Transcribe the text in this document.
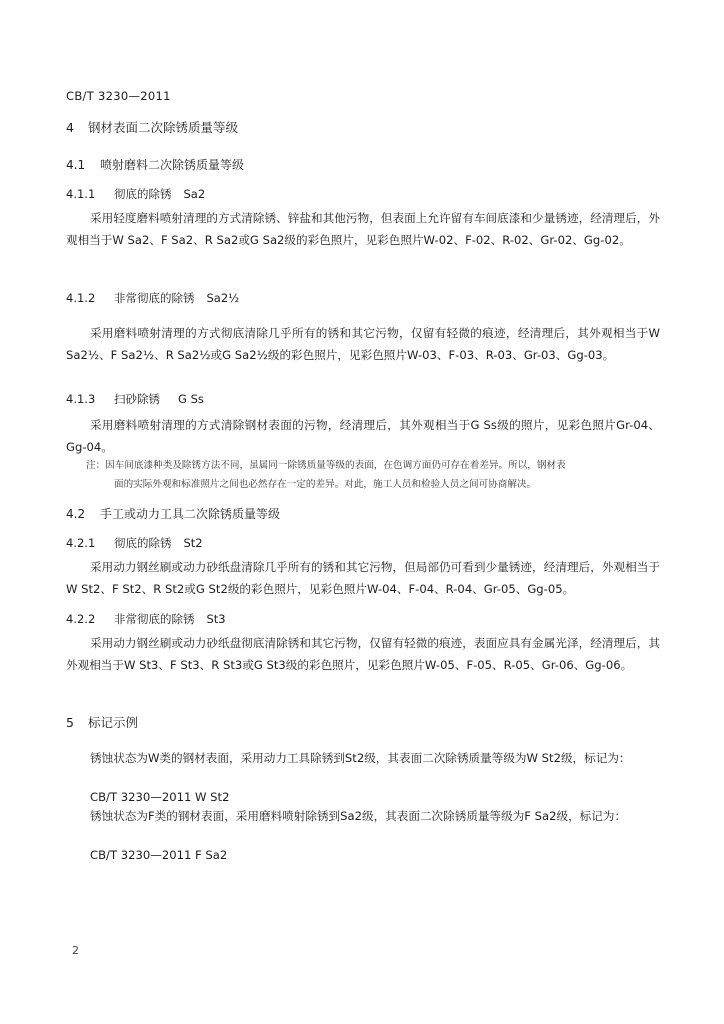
CB/T 3230—2011
4 钢材表面二次除锈质量等级
4.1 喷射磨料二次除锈质量等级
4.1.1 彻底的除锈 Sa2

采用轻度磨料喷射清理的方式清除锈、锌盐和其他污物，但表面上允许留有车间底漆和少量锈迹，经清理后，外观相当于W Sa2、F Sa2、R Sa2或G Sa2级的彩色照片，见彩色照片W-02、F-02、R-02、Gr-02、Gg-02。

4.1.2 非常彻底的除锈 Sa2½

采用磨料喷射清理的方式彻底清除几乎所有的锈和其它污物，仅留有轻微的痕迹，经清理后，其外观相当于W Sa2½、F Sa2½、R Sa2½或G Sa2½级的彩色照片，见彩色照片W-03、F-03、R-03、Gr-03、Gg-03。

4.1.3 扫砂除锈 G Ss

采用磨料喷射清理的方式清除钢材表面的污物，经清理后，其外观相当于G Ss级的照片，见彩色照片Gr-04、Gg-04。

注：因车间底漆种类及除锈方法不同，虽属同一除锈质量等级的表面，在色调方面仍可存在着差异。所以，钢材表
面的实际外观和标准照片之间也必然存在一定的差异。对此，施工人员和检验人员之间可协商解决。
4.2 手工或动力工具二次除锈质量等级
4.2.1 彻底的除锈 St2

采用动力钢丝刷或动力砂纸盘清除几乎所有的锈和其它污物，但局部仍可看到少量锈迹，经清理后，外观相当于W St2、F St2、R St2或G St2级的彩色照片，见彩色照片W-04、F-04、R-04、Gr-05、Gg-05。

4.2.2 非常彻底的除锈 St3

采用动力钢丝刷或动力砂纸盘彻底清除锈和其它污物，仅留有轻微的痕迹，表面应具有金属光泽，经清理后，其外观相当于W St3、F St3、R St3或G St3级的彩色照片，见彩色照片W-05、F-05、R-05、Gr-06、Gg-06。

5 标记示例

锈蚀状态为W类的钢材表面，采用动力工具除锈到St2级，其表面二次除锈质量等级为W St2级，标记为：

CB/T 3230—2011 W St2

锈蚀状态为F类的钢材表面，采用磨料喷射除锈到Sa2级，其表面二次除锈质量等级为F Sa2级，标记为：

CB/T 3230—2011 F Sa2
2
